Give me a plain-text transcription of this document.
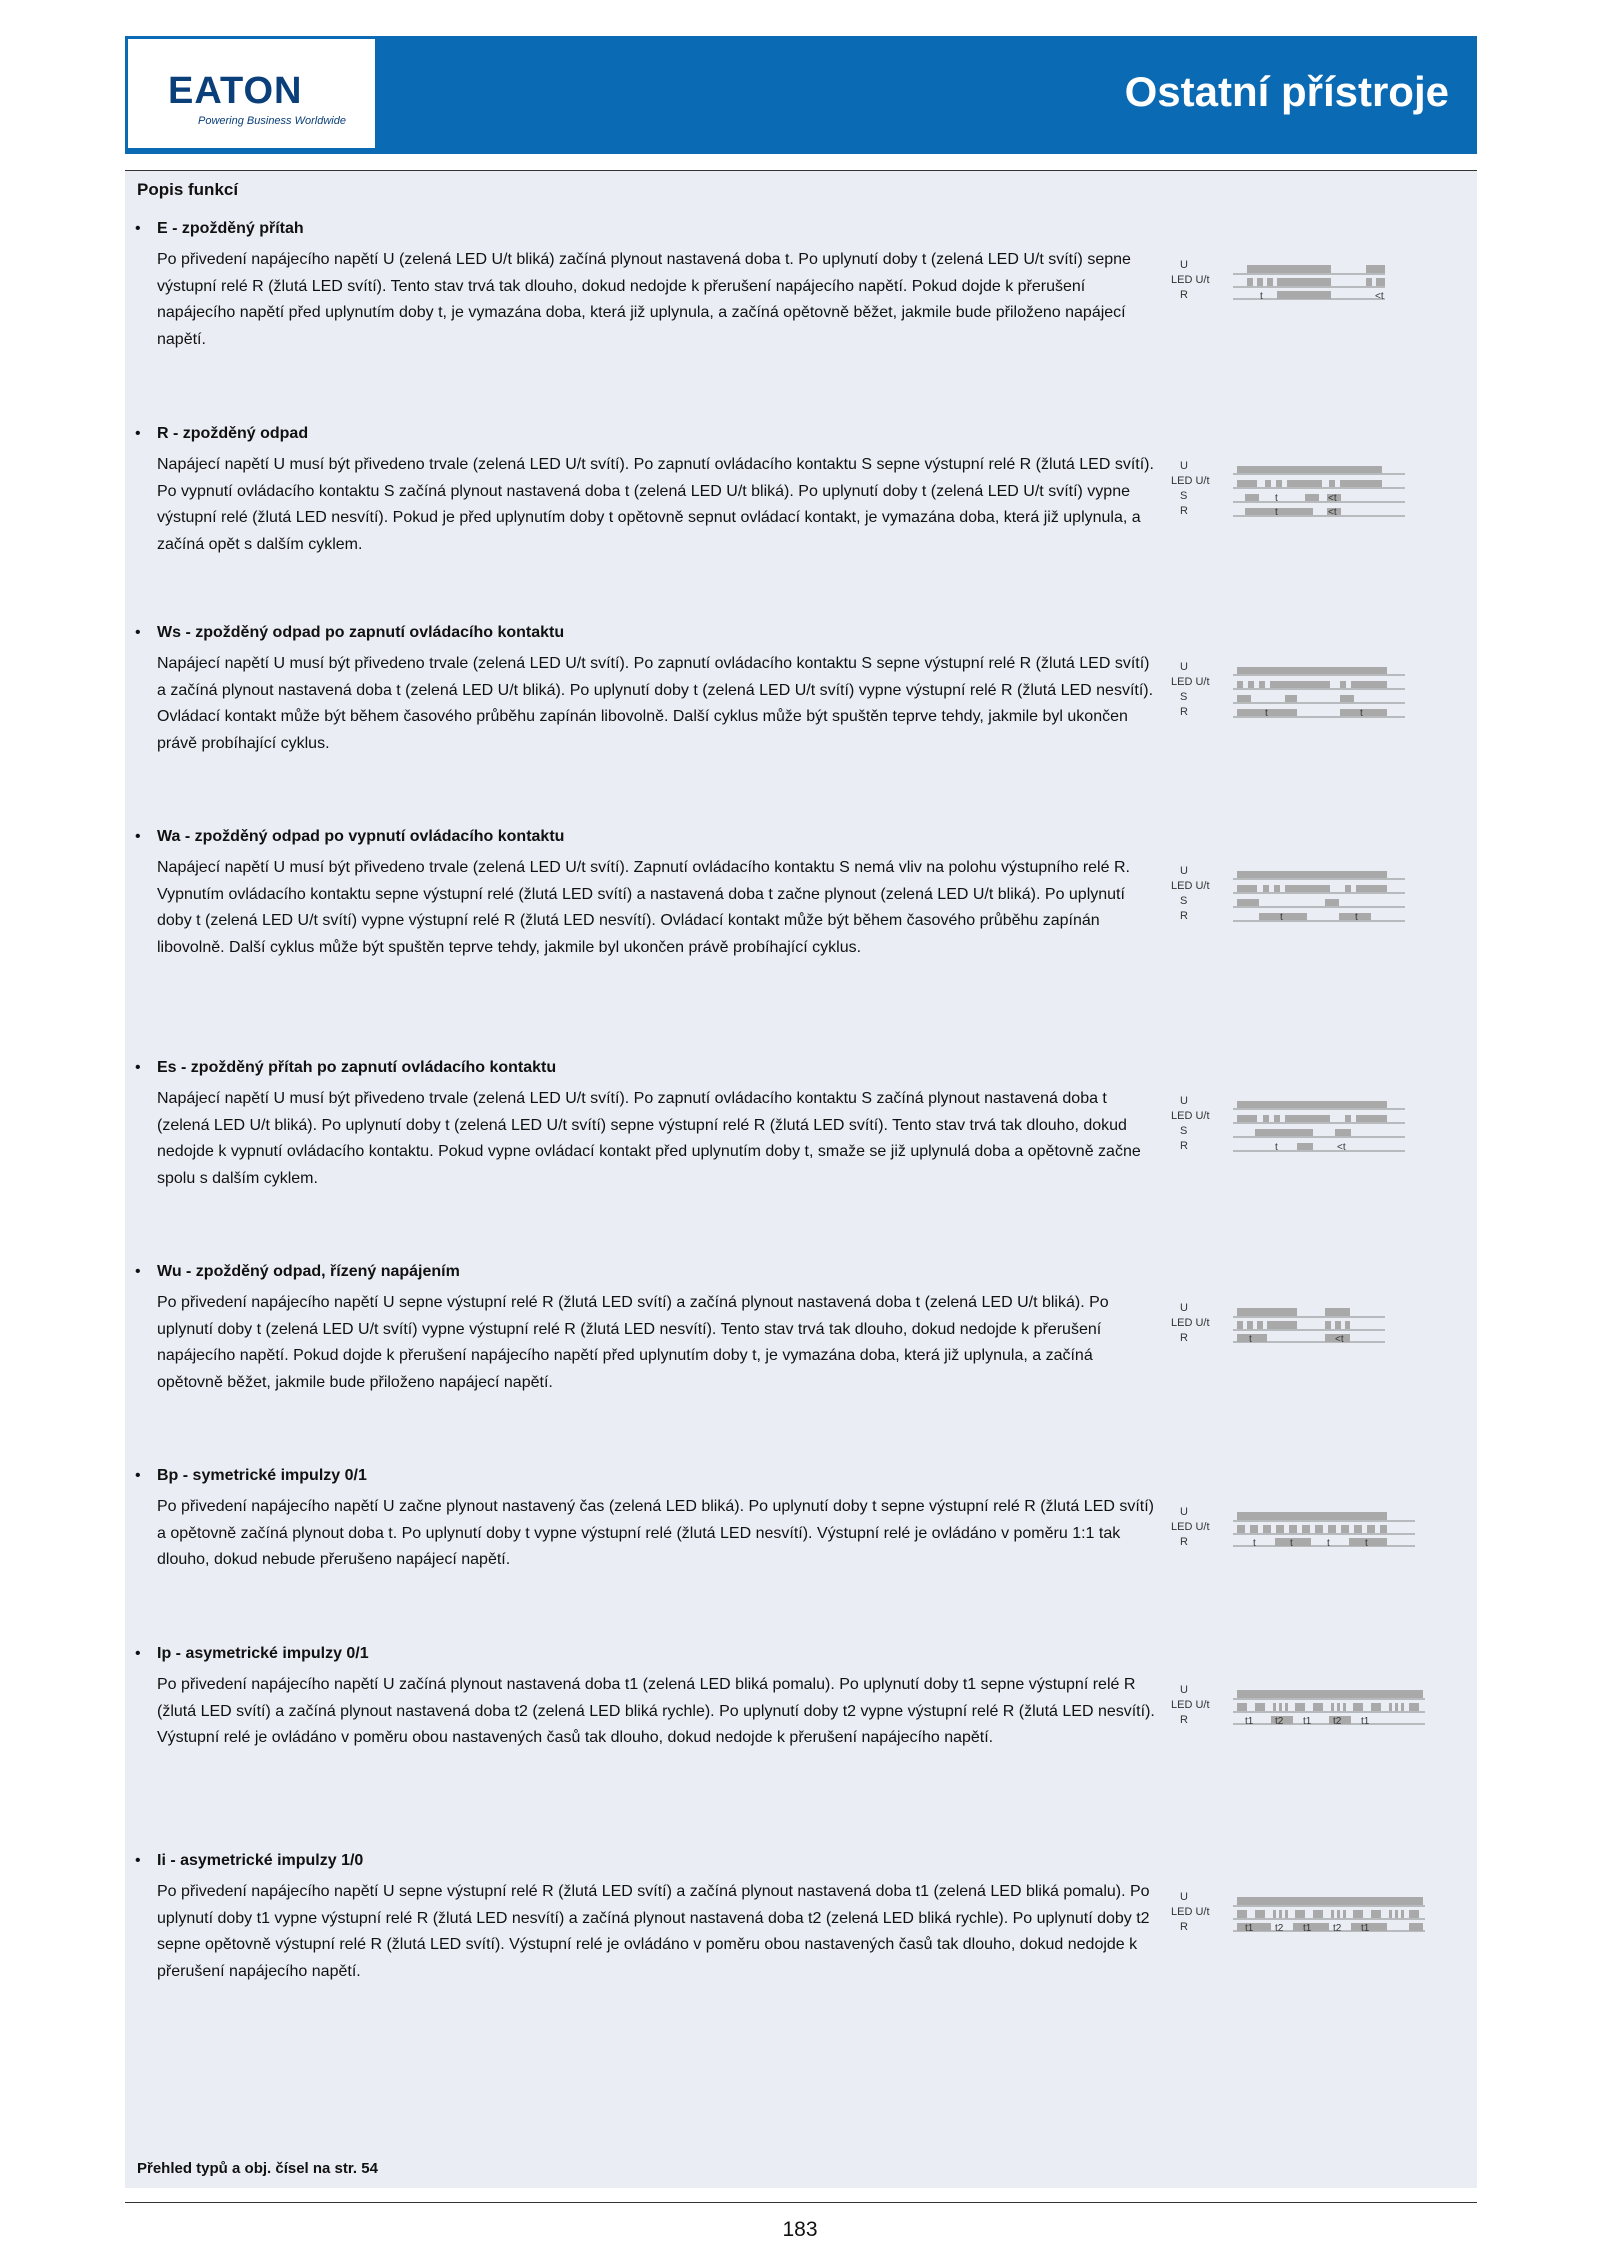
EATON
Powering Business Worldwide
Ostatní přístroje
Popis funkcí
• E - zpožděný přítah
Po přivedení napájecího napětí U (zelená LED U/t bliká) začíná plynout nastavená doba t. Po uplynutí doby t (zelená LED U/t svítí) sepne výstupní relé R (žlutá LED svítí). Tento stav trvá tak dlouho, dokud nedojde k přerušení napájecího napětí. Pokud dojde k přerušení napájecího napětí před uplynutím doby t, je vymazána doba, která již uplynula, a začíná opětovně běžet, jakmile bude přiloženo napájecí napětí.
• R - zpožděný odpad
Napájecí napětí U musí být přivedeno trvale (zelená LED U/t svítí). Po zapnutí ovládacího kontaktu S sepne výstupní relé R (žlutá LED svítí). Po vypnutí ovládacího kontaktu S začíná plynout nastavená doba t (zelená LED U/t bliká). Po uplynutí doby t (zelená LED U/t svítí) vypne výstupní relé (žlutá LED nesvítí). Pokud je před uplynutím doby t opětovně sepnut ovládací kontakt, je vymazána doba, která již uplynula, a začíná opět s dalším cyklem.
• Ws - zpožděný odpad po zapnutí ovládacího kontaktu
Napájecí napětí U musí být přivedeno trvale (zelená LED U/t svítí). Po zapnutí ovládacího kontaktu S sepne výstupní relé R (žlutá LED svítí) a začíná plynout nastavená doba t (zelená LED U/t bliká). Po uplynutí doby t (zelená LED U/t svítí) vypne výstupní relé R (žlutá LED nesvítí). Ovládací kontakt může být během časového průběhu zapínán libovolně. Další cyklus může být spuštěn teprve tehdy, jakmile byl ukončen právě probíhající cyklus.
• Wa - zpožděný odpad po vypnutí ovládacího kontaktu
Napájecí napětí U musí být přivedeno trvale (zelená LED U/t svítí). Zapnutí ovládacího kontaktu S nemá vliv na polohu výstupního relé R. Vypnutím ovládacího kontaktu sepne výstupní relé (žlutá LED svítí) a nastavená doba t začne plynout (zelená LED U/t bliká). Po uplynutí doby t (zelená LED U/t svítí) vypne výstupní relé R (žlutá LED nesvítí). Ovládací kontakt může být během časového průběhu zapínán libovolně. Další cyklus může být spuštěn teprve tehdy, jakmile byl ukončen právě probíhající cyklus.
• Es - zpožděný přítah po zapnutí ovládacího kontaktu
Napájecí napětí U musí být přivedeno trvale (zelená LED U/t svítí). Po zapnutí ovládacího kontaktu S začíná plynout nastavená doba t (zelená LED U/t bliká). Po uplynutí doby t (zelená LED U/t svítí) sepne výstupní relé R (žlutá LED svítí). Tento stav trvá tak dlouho, dokud nedojde k vypnutí ovládacího kontaktu. Pokud vypne ovládací kontakt před uplynutím doby t, smaže se již uplynulá doba a opětovně začne spolu s dalším cyklem.
• Wu - zpožděný odpad, řízený napájením
Po přivedení napájecího napětí U sepne výstupní relé R (žlutá LED svítí) a začíná plynout nastavená doba t (zelená LED U/t bliká). Po uplynutí doby t (zelená LED U/t svítí) vypne výstupní relé R (žlutá LED nesvítí). Tento stav trvá tak dlouho, dokud nedojde k přerušení napájecího napětí. Pokud dojde k přerušení napájecího napětí před uplynutím doby t, je vymazána doba, která již uplynula, a začíná opětovně běžet, jakmile bude přiloženo napájecí napětí.
• Bp - symetrické impulzy 0/1
Po přivedení napájecího napětí U začne plynout nastavený čas (zelená LED bliká). Po uplynutí doby t sepne výstupní relé R (žlutá LED svítí) a opětovně začíná plynout doba t. Po uplynutí doby t vypne výstupní relé (žlutá LED nesvítí). Výstupní relé je ovládáno v poměru 1:1 tak dlouho, dokud nebude přerušeno napájecí napětí.
• Ip - asymetrické impulzy 0/1
Po přivedení napájecího napětí U začíná plynout nastavená doba t1 (zelená LED bliká pomalu). Po uplynutí doby t1 sepne výstupní relé R (žlutá LED svítí) a začíná plynout nastavená doba t2 (zelená LED bliká rychle). Po uplynutí doby t2 vypne výstupní relé R (žlutá LED nesvítí). Výstupní relé je ovládáno v poměru obou nastavených časů tak dlouho, dokud nedojde k přerušení napájecího napětí.
• Ii - asymetrické impulzy 1/0
Po přivedení napájecího napětí U sepne výstupní relé R (žlutá LED svítí) a začíná plynout nastavená doba t1 (zelená LED bliká pomalu). Po uplynutí doby t1 vypne výstupní relé R (žlutá LED nesvítí) a začíná plynout nastavená doba t2 (zelená LED bliká rychle). Po uplynutí doby t2 sepne opětovně výstupní relé R (žlutá LED svítí). Výstupní relé je ovládáno v poměru obou nastavených časů tak dlouho, dokud nedojde k přerušení napájecího napětí.
U
LED U/t
R	t	<t
U
LED U/t
S
R
t
t
<t
<t
U
LED U/t
S
R	t	t
U
LED U/t
S
R	t	t
U
LED U/t
S
R	t	<t
U
LED U/t
R	t	<t
U
LED U/t
R	t	t	t	t
U
LED U/t
R	t1 t2 t1 t2 t1
U
LED U/t
R	t1 t2 t1 t2 t1
Přehled typů a obj. čísel na str. 54
183
